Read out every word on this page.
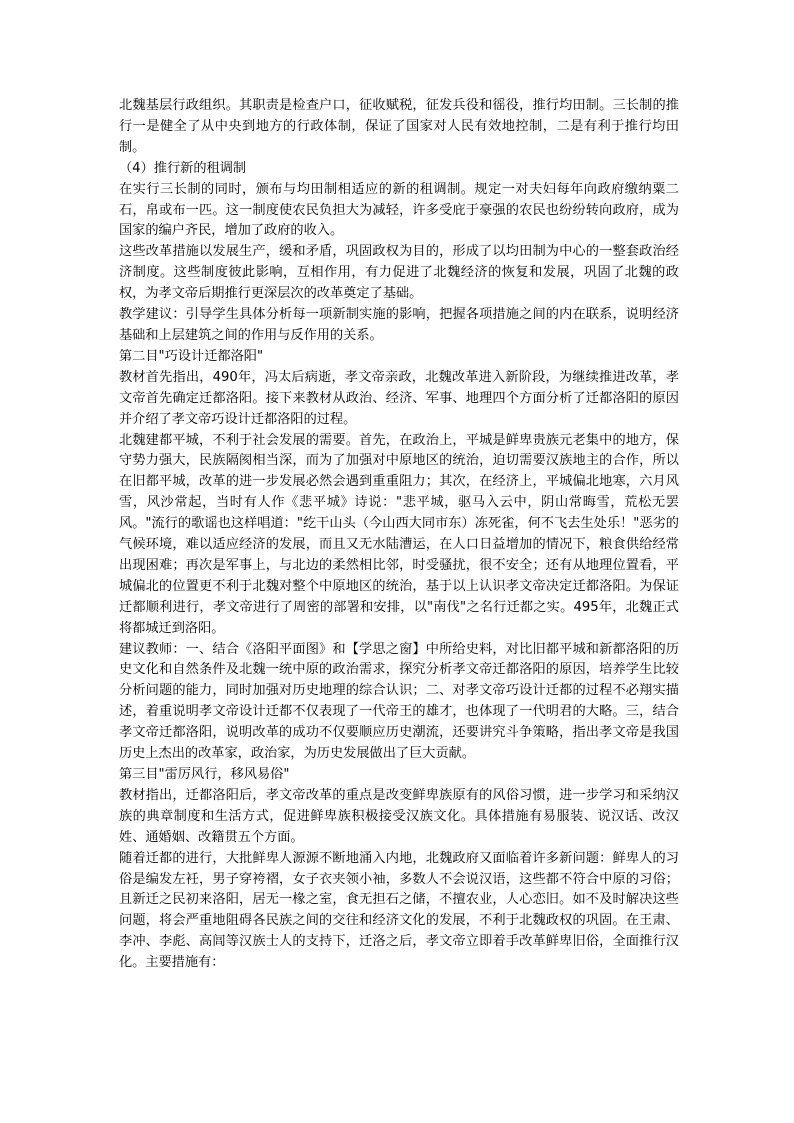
北魏基层行政组织。其职责是检查户口，征收赋税，征发兵役和徭役，推行均田制。三长制的推行一是健全了从中央到地方的行政体制，保证了国家对人民有效地控制，二是有利于推行均田制。

（4）推行新的租调制

在实行三长制的同时，颁布与均田制相适应的新的租调制。规定一对夫妇每年向政府缴纳粟二石，帛或布一匹。这一制度使农民负担大为减轻，许多受庇于豪强的农民也纷纷转向政府，成为国家的编户齐民，增加了政府的收入。

这些改革措施以发展生产，缓和矛盾，巩固政权为目的，形成了以均田制为中心的一整套政治经济制度。这些制度彼此影响，互相作用，有力促进了北魏经济的恢复和发展，巩固了北魏的政权，为孝文帝后期推行更深层次的改革奠定了基础。

教学建议：引导学生具体分析每一项新制实施的影响，把握各项措施之间的内在联系，说明经济基础和上层建筑之间的作用与反作用的关系。

第二目"巧设计迁都洛阳"

教材首先指出，490年，冯太后病逝，孝文帝亲政，北魏改革进入新阶段，为继续推进改革，孝文帝首先确定迁都洛阳。接下来教材从政治、经济、军事、地理四个方面分析了迁都洛阳的原因并介绍了孝文帝巧设计迁都洛阳的过程。

北魏建都平城，不利于社会发展的需要。首先，在政治上，平城是鲜卑贵族元老集中的地方，保守势力强大，民族隔阂相当深，而为了加强对中原地区的统治，迫切需要汉族地主的合作，所以在旧都平城，改革的进一步发展必然会遇到重重阻力；其次，在经济上，平城偏北地寒，六月风雪，风沙常起，当时有人作《悲平城》诗说："悲平城，驱马入云中，阴山常晦雪，荒松无罢风。"流行的歌谣也这样唱道："纥干山头（今山西大同市东）冻死雀，何不飞去生处乐！"恶劣的气候环境，难以适应经济的发展，而且又无水陆漕运，在人口日益增加的情况下，粮食供给经常出现困难；再次是军事上，与北边的柔然相比邻，时受骚扰，很不安全；还有从地理位置看，平城偏北的位置更不利于北魏对整个中原地区的统治，基于以上认识孝文帝决定迁都洛阳。为保证迁都顺利进行，孝文帝进行了周密的部署和安排，以"南伐"之名行迁都之实。495年，北魏正式将都城迁到洛阳。

建议教师：一、结合《洛阳平面图》和【学思之窗】中所给史料，对比旧都平城和新都洛阳的历史文化和自然条件及北魏一统中原的政治需求，探究分析孝文帝迁都洛阳的原因，培养学生比较分析问题的能力，同时加强对历史地理的综合认识；二、对孝文帝巧设计迁都的过程不必翔实描述，着重说明孝文帝设计迁都不仅表现了一代帝王的雄才，也体现了一代明君的大略。三，结合孝文帝迁都洛阳，说明改革的成功不仅要顺应历史潮流，还要讲究斗争策略，指出孝文帝是我国历史上杰出的改革家，政治家，为历史发展做出了巨大贡献。

第三目"雷厉风行，移风易俗"

教材指出，迁都洛阳后，孝文帝改革的重点是改变鲜卑族原有的风俗习惯，进一步学习和采纳汉族的典章制度和生活方式，促进鲜卑族积极接受汉族文化。具体措施有易服装、说汉话、改汉姓、通婚姻、改籍贯五个方面。

随着迁都的进行，大批鲜卑人源源不断地涌入内地，北魏政府又面临着许多新问题：鲜卑人的习俗是编发左衽，男子穿袴褶，女子衣夹领小袖，多数人不会说汉语，这些都不符合中原的习俗；且新迁之民初来洛阳，居无一椽之室，食无担石之储，不擅农业，人心恋旧。如不及时解决这些问题，将会严重地阻碍各民族之间的交往和经济文化的发展，不利于北魏政权的巩固。在王肃、李冲、李彪、高闾等汉族士人的支持下，迁洛之后，孝文帝立即着手改革鲜卑旧俗，全面推行汉化。主要措施有：
